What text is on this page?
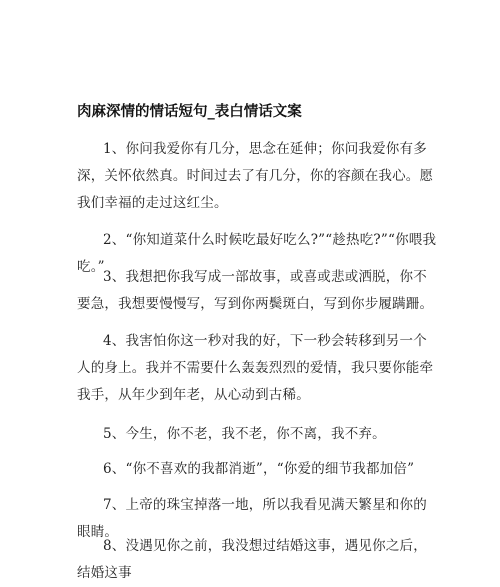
肉麻深情的情话短句_表白情话文案

1、你问我爱你有几分，思念在延伸；你问我爱你有多深，关怀依然真。时间过去了有几分，你的容颜在我心。愿我们幸福的走过这红尘。

2、“你知道菜什么时候吃最好吃么?”“趁热吃?”“你喂我吃。”

3、我想把你我写成一部故事，或喜或悲或洒脱，你不要急，我想要慢慢写，写到你两鬓斑白，写到你步履蹒跚。

4、我害怕你这一秒对我的好，下一秒会转移到另一个人的身上。我并不需要什么轰轰烈烈的爱情，我只要你能牵我手，从年少到年老，从心动到古稀。

5、今生，你不老，我不老，你不离，我不弃。

6、“你不喜欢的我都消逝”，“你爱的细节我都加倍”

7、上帝的珠宝掉落一地，所以我看见满天繁星和你的眼睛。

8、没遇见你之前，我没想过结婚这事，遇见你之后，结婚这事
